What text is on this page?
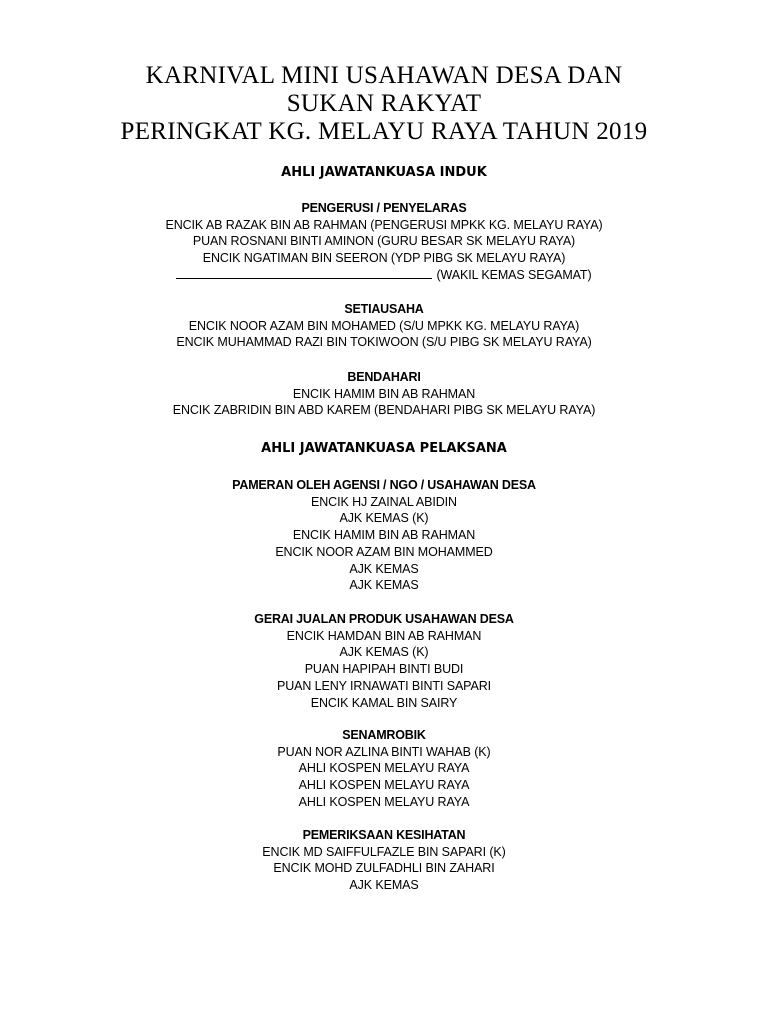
KARNIVAL MINI USAHAWAN DESA DAN
SUKAN RAKYAT
PERINGKAT KG. MELAYU RAYA TAHUN 2019
AHLI JAWATANKUASA INDUK
PENGERUSI / PENYELARAS
ENCIK AB RAZAK BIN AB RAHMAN (PENGERUSI MPKK KG. MELAYU RAYA)
PUAN ROSNANI BINTI AMINON (GURU BESAR SK MELAYU RAYA)
ENCIK NGATIMAN BIN SEERON (YDP PIBG SK MELAYU RAYA)
(WAKIL KEMAS SEGAMAT)
SETIAUSAHA
ENCIK NOOR AZAM BIN MOHAMED (S/U MPKK KG. MELAYU RAYA)
ENCIK MUHAMMAD RAZI BIN TOKIWOON (S/U PIBG SK MELAYU RAYA)
BENDAHARI
ENCIK HAMIM BIN AB RAHMAN
ENCIK ZABRIDIN BIN ABD KAREM (BENDAHARI PIBG SK MELAYU RAYA)
AHLI JAWATANKUASA PELAKSANA
PAMERAN OLEH AGENSI / NGO / USAHAWAN DESA
ENCIK HJ ZAINAL ABIDIN
AJK KEMAS (K)
ENCIK HAMIM BIN AB RAHMAN
ENCIK NOOR AZAM BIN MOHAMMED
AJK KEMAS
AJK KEMAS
GERAI JUALAN PRODUK USAHAWAN DESA
ENCIK HAMDAN BIN AB RAHMAN
AJK KEMAS (K)
PUAN HAPIPAH BINTI BUDI
PUAN LENY IRNAWATI BINTI SAPARI
ENCIK KAMAL BIN SAIRY
SENAMROBIK
PUAN NOR AZLINA BINTI WAHAB (K)
AHLI KOSPEN MELAYU RAYA
AHLI KOSPEN MELAYU RAYA
AHLI KOSPEN MELAYU RAYA
PEMERIKSAAN KESIHATAN
ENCIK MD SAIFFULFAZLE BIN SAPARI (K)
ENCIK MOHD ZULFADHLI BIN ZAHARI
AJK KEMAS
